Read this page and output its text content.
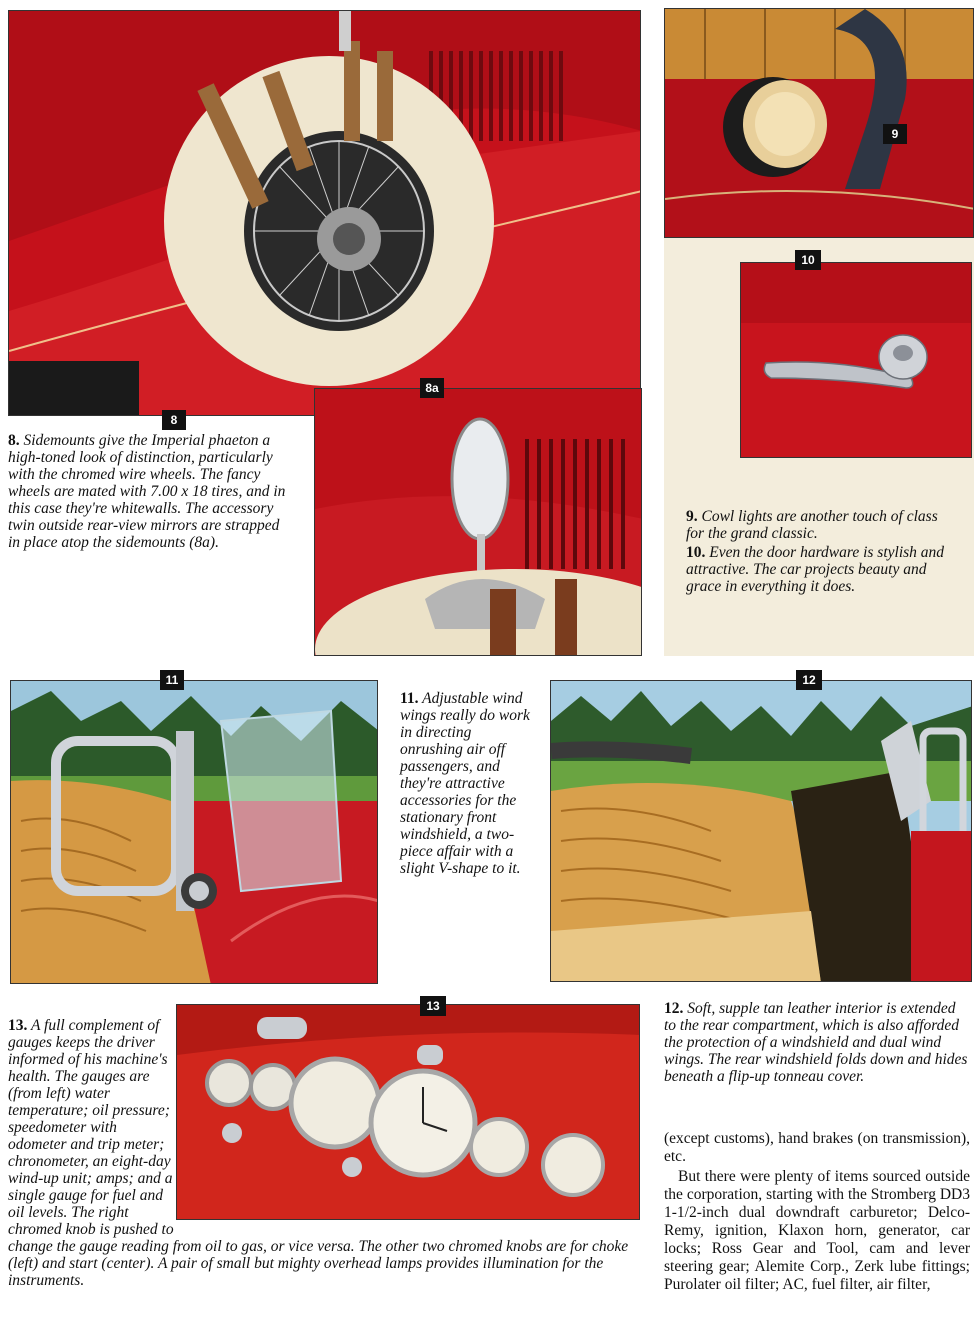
8
8. Sidemounts give the Imperial phaeton a high-toned look of distinction, particularly with the chromed wire wheels. The fancy wheels are mated with 7.00 x 18 tires, and in this case they're whitewalls. The accessory twin outside rear-view mirrors are strapped in place atop the sidemounts (8a).
8a
9
10

9. Cowl lights are another touch of class for the grand classic.

10. Even the door hardware is stylish and attractive. The car projects beauty and grace in everything it does.

11
11. Adjustable wind wings really do work in directing onrushing air off passengers, and they're attractive accessories for the stationary front windshield, a two-piece affair with a slight V-shape to it.
12
13
13. A full complement of gauges keeps the driver informed of his machine's health. The gauges are (from left) water temperature; oil pressure; speedometer with odometer and trip meter; chronometer, an eight-day wind-up unit; amps; and a single gauge for fuel and oil levels. The right chromed knob is pushed to change the gauge reading from oil to gas, or vice versa. The other two chromed knobs are for choke (left) and start (center). A pair of small but mighty overhead lamps provides illumination for the instruments.
12. Soft, supple tan leather interior is extended to the rear compartment, which is also afforded the protection of a windshield and dual wind wings. The rear windshield folds down and hides beneath a flip-up tonneau cover.

(except customs), hand brakes (on transmission), etc.

But there were plenty of items sourced outside the corporation, starting with the Stromberg DD3 1-1/2-inch dual downdraft carburetor; Delco-Remy, ignition, Klaxon horn, generator, car locks; Ross Gear and Tool, cam and lever steering gear; Alemite Corp., Zerk lube fittings; Purolater oil filter; AC, fuel filter, air filter,
